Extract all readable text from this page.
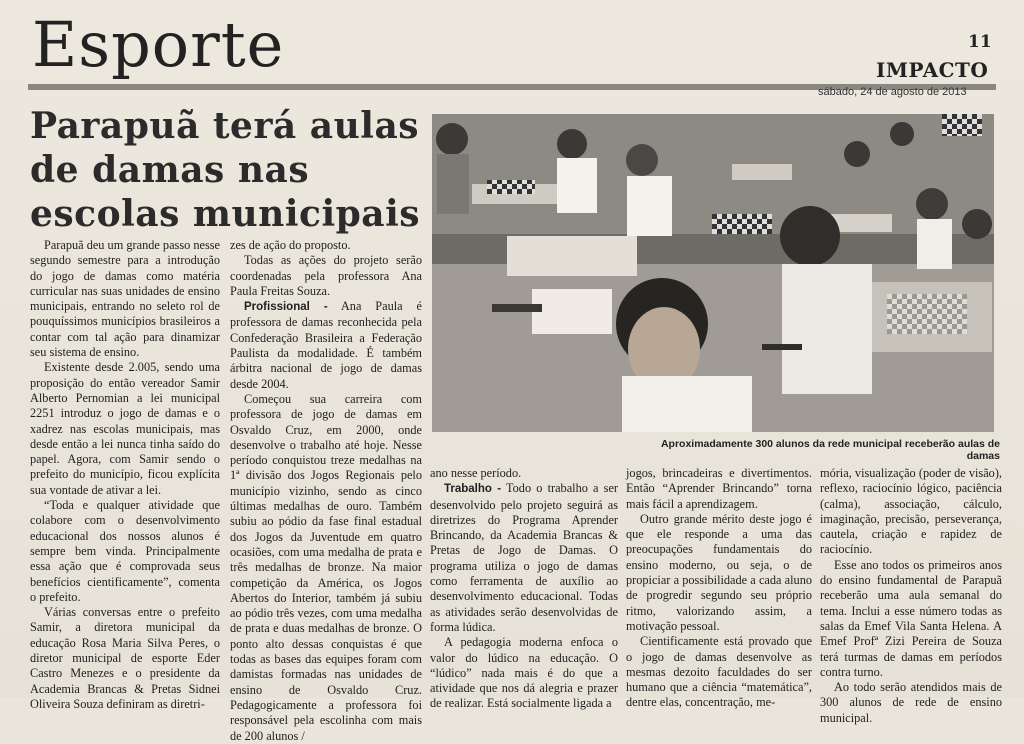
Esporte	11
IMPACTO
sábado, 24 de agosto de 2013
Parapuã terá aulas de damas nas escolas municipais
Aproximadamente 300 alunos da rede municipal receberão aulas de damas

Parapuã deu um grande passo nesse segundo semestre para a introdução do jogo de damas como matéria curricular nas suas unidades de ensino municipais, entrando no seleto rol de pouquíssimos municípios brasileiros a contar com tal ação para dinamizar seu sistema de ensino.

Existente desde 2.005, sendo uma proposição do então vereador Samir Alberto Pernomian a lei municipal 2251 introduz o jogo de damas e o xadrez nas escolas municipais, mas desde então a lei nunca tinha saído do papel. Agora, com Samir sendo o prefeito do município, ficou explícita sua vontade de ativar a lei.

“Toda e qualquer atividade que colabore com o desenvolvimento educacional dos nossos alunos é sempre bem vinda. Principalmente essa ação que é comprovada seus benefícios cientificamente”, comenta o prefeito.

Várias conversas entre o prefeito Samir, a diretora municipal da educação Rosa Maria Silva Peres, o diretor municipal de esporte Eder Castro Menezes e o presidente da Academia Brancas & Pretas Sidnei Oliveira Souza definiram as diretri-

zes de ação do proposto.

Todas as ações do projeto serão coordenadas pela professora Ana Paula Freitas Souza.

Profissional - Ana Paula é professora de damas reconhecida pela Confederação Brasileira a Federação Paulista da modalidade. É também árbitra nacional de jogo de damas desde 2004.

Começou sua carreira com professora de jogo de damas em Osvaldo Cruz, em 2000, onde desenvolve o trabalho até hoje. Nesse período conquistou treze medalhas na 1ª divisão dos Jogos Regionais pelo município vizinho, sendo as cinco últimas medalhas de ouro. Também subiu ao pódio da fase final estadual dos Jogos da Juventude em quatro ocasiões, com uma medalha de prata e três medalhas de bronze. Na maior competição da América, os Jogos Abertos do Interior, também já subiu ao pódio três vezes, com uma medalha de prata e duas medalhas de bronze. O ponto alto dessas conquistas é que todas as bases das equipes foram com damistas formadas nas unidades de ensino de Osvaldo Cruz. Pedagogicamente a professora foi responsável pela escolinha com mais de 200 alunos /

ano nesse período.

Trabalho - Todo o trabalho a ser desenvolvido pelo projeto seguirá as diretrizes do Programa Aprender Brincando, da Academia Brancas & Pretas de Jogo de Damas. O programa utiliza o jogo de damas como ferramenta de auxílio ao desenvolvimento educacional. Todas as atividades serão desenvolvidas de forma lúdica.

A pedagogia moderna enfoca o valor do lúdico na educação. O “lúdico” nada mais é do que a atividade que nos dá alegria e prazer de realizar. Está socialmente ligada a

jogos, brincadeiras e divertimentos. Então “Aprender Brincando” torna mais fácil a aprendizagem.

Outro grande mérito deste jogo é que ele responde a uma das preocupações fundamentais do ensino moderno, ou seja, o de propiciar a possibilidade a cada aluno de progredir segundo seu próprio ritmo, valorizando assim, a motivação pessoal.

Cientificamente está provado que o jogo de damas desenvolve as mesmas dezoito faculdades do ser humano que a ciência “matemática”, dentre elas, concentração, me-

mória, visualização (poder de visão), reflexo, raciocínio lógico, paciência (calma), associação, cálculo, imaginação, precisão, perseverança, cautela, criação e rapidez de raciocínio.

Esse ano todos os primeiros anos do ensino fundamental de Parapuã receberão uma aula semanal do tema. Inclui a esse número todas as salas da Emef Vila Santa Helena. A Emef Profª Zizi Pereira de Souza terá turmas de damas em períodos contra turno.

Ao todo serão atendidos mais de 300 alunos de rede de ensino municipal.
